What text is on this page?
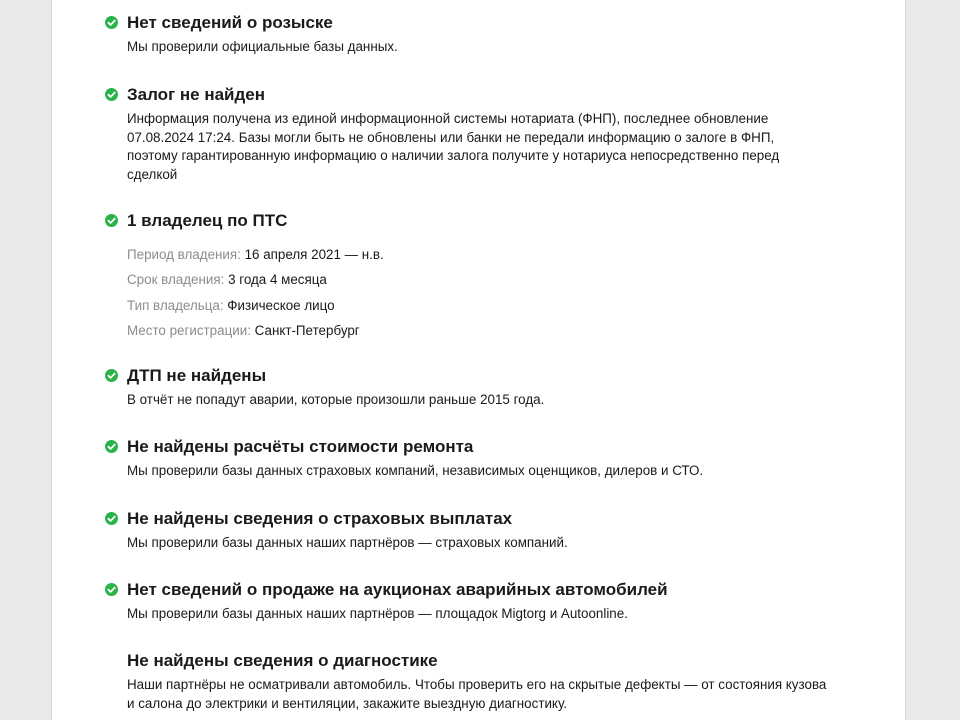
Нет сведений о розыске

Мы проверили официальные базы данных.

Залог не найден

Информация получена из единой информационной системы нотариата (ФНП), последнее обновление 07.08.2024 17:24. Базы могли быть не обновлены или банки не передали информацию о залоге в ФНП, поэтому гарантированную информацию о наличии залога получите у нотариуса непосредственно перед сделкой

1 владелец по ПТС
Период владения: 16 апреля 2021 — н.в.
Срок владения: 3 года 4 месяца
Тип владельца: Физическое лицо
Место регистрации: Санкт-Петербург
ДТП не найдены

В отчёт не попадут аварии, которые произошли раньше 2015 года.

Не найдены расчёты стоимости ремонта

Мы проверили базы данных страховых компаний, независимых оценщиков, дилеров и СТО.

Не найдены сведения о страховых выплатах

Мы проверили базы данных наших партнёров — страховых компаний.

Нет сведений о продаже на аукционах аварийных автомобилей

Мы проверили базы данных наших партнёров — площадок Migtorg и Autoonline.

Не найдены сведения о диагностике

Наши партнёры не осматривали автомобиль. Чтобы проверить его на скрытые дефекты — от состояния кузова и салона до электрики и вентиляции, закажите выездную диагностику.
